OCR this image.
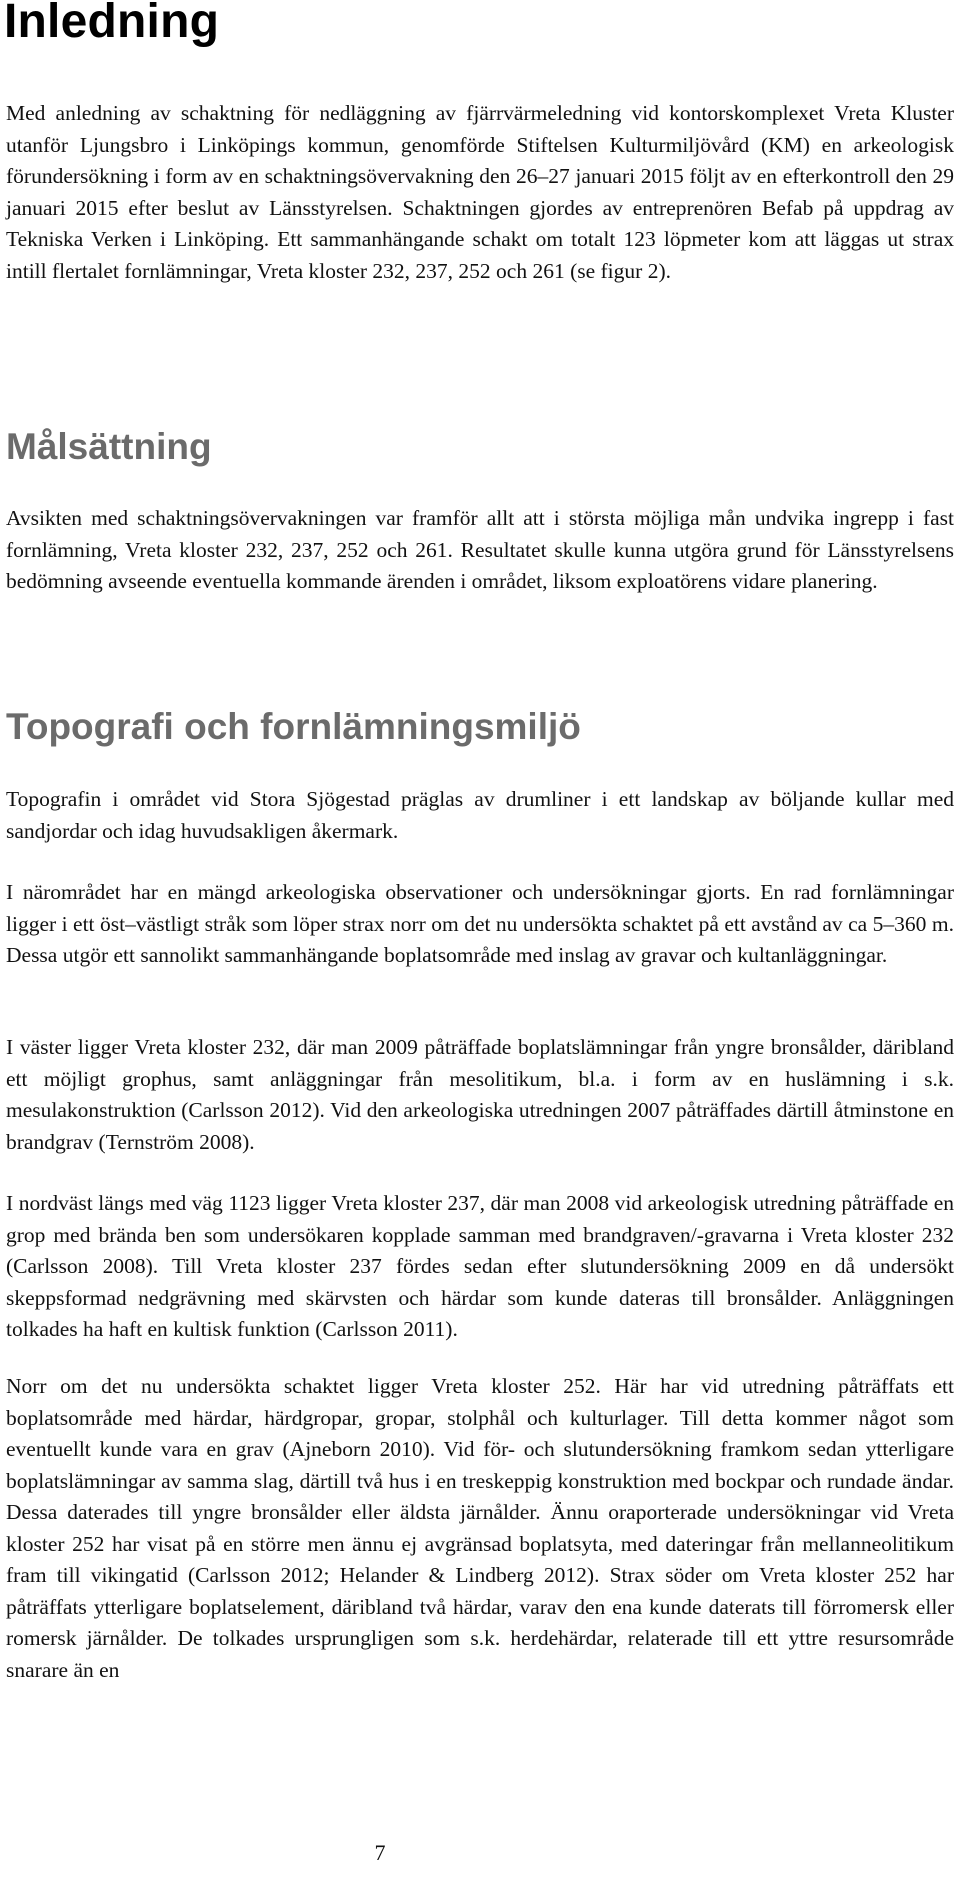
Inledning

Med anledning av schaktning för nedläggning av fjärrvärmeledning vid kontorskomplexet Vreta Kluster utanför Ljungsbro i Linköpings kommun, genomförde Stiftelsen Kulturmiljövård (KM) en arkeologisk förundersökning i form av en schaktningsövervakning den 26–27 januari 2015 följt av en efterkontroll den 29 januari 2015 efter beslut av Länsstyrelsen. Schaktningen gjordes av entreprenören Befab på uppdrag av Tekniska Verken i Linköping. Ett sammanhängande schakt om totalt 123 löpmeter kom att läggas ut strax intill flertalet fornlämningar, Vreta kloster 232, 237, 252 och 261 (se figur 2).

Målsättning

Avsikten med schaktningsövervakningen var framför allt att i största möjliga mån undvika ingrepp i fast fornlämning, Vreta kloster 232, 237, 252 och 261. Resultatet skulle kunna utgöra grund för Länsstyrelsens bedömning avseende eventuella kommande ärenden i området, liksom exploatörens vidare planering.

Topografi och fornlämningsmiljö

Topografin i området vid Stora Sjögestad präglas av drumliner i ett landskap av böljande kullar med sandjordar och idag huvudsakligen åkermark.

I närområdet har en mängd arkeologiska observationer och undersökningar gjorts. En rad fornlämningar ligger i ett öst–västligt stråk som löper strax norr om det nu undersökta schaktet på ett avstånd av ca 5–360 m. Dessa utgör ett sannolikt sammanhängande boplatsområde med inslag av gravar och kultanläggningar.

I väster ligger Vreta kloster 232, där man 2009 påträffade boplatslämningar från yngre bronsålder, däribland ett möjligt grophus, samt anläggningar från mesolitikum, bl.a. i form av en huslämning i s.k. mesulakonstruktion (Carlsson 2012). Vid den arkeologiska utredningen 2007 påträffades därtill åtminstone en brandgrav (Ternström 2008).

I nordväst längs med väg 1123 ligger Vreta kloster 237, där man 2008 vid arkeologisk utredning påträffade en grop med brända ben som undersökaren kopplade samman med brandgraven/-gravarna i Vreta kloster 232 (Carlsson 2008). Till Vreta kloster 237 fördes sedan efter slutundersökning 2009 en då undersökt skeppsformad nedgrävning med skärvsten och härdar som kunde dateras till bronsålder. Anläggningen tolkades ha haft en kultisk funktion (Carlsson 2011).

Norr om det nu undersökta schaktet ligger Vreta kloster 252. Här har vid utredning påträffats ett boplatsområde med härdar, härdgropar, gropar, stolphål och kulturlager. Till detta kommer något som eventuellt kunde vara en grav (Ajneborn 2010). Vid för- och slutundersökning framkom sedan ytterligare boplatslämningar av samma slag, därtill två hus i en treskeppig konstruktion med bockpar och rundade ändar. Dessa daterades till yngre bronsålder eller äldsta järnålder. Ännu oraporterade undersökningar vid Vreta kloster 252 har visat på en större men ännu ej avgränsad boplatsyta, med dateringar från mellanneolitikum fram till vikingatid (Carlsson 2012; Helander & Lindberg 2012). Strax söder om Vreta kloster 252 har påträffats ytterligare boplatselement, däribland två härdar, varav den ena kunde daterats till förromersk eller romersk järnålder. De tolkades ursprungligen som s.k. herdehärdar, relaterade till ett yttre resursområde snarare än en

7
